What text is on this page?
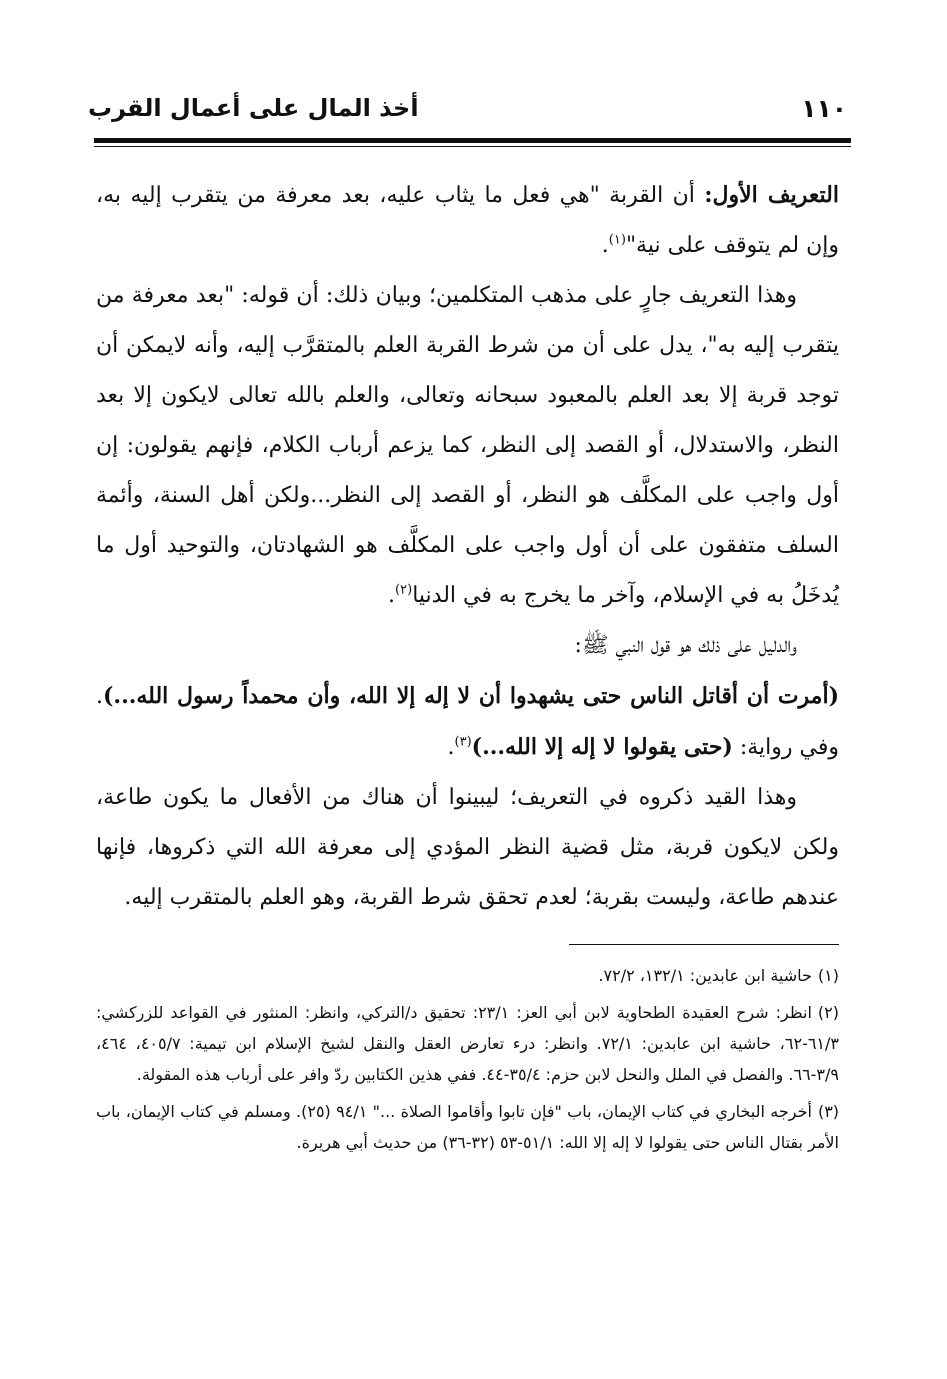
١١٠
أخذ المال على أعمال القرب

التعريف الأول: أن القربة "هي فعل ما يثاب عليه، بعد معرفة من يتقرب إليه به، وإن لم يتوقف على نية"$^{(١)}$.

وهذا التعريف جارٍ على مذهب المتكلمين؛ وبيان ذلك: أن قوله: "بعد معرفة من يتقرب إليه به"، يدل على أن من شرط القربة العلم بالمتقرَّب إليه، وأنه لايمكن أن توجد قربة إلا بعد العلم بالمعبود سبحانه وتعالى، والعلم بالله تعالى لايكون إلا بعد النظر، والاستدلال، أو القصد إلى النظر، كما يزعم أرباب الكلام، فإنهم يقولون: إن أول واجب على المكلَّف هو النظر، أو القصد إلى النظر...ولكن أهل السنة، وأئمة السلف متفقون على أن أول واجب على المكلَّف هو الشهادتان، والتوحيد أول ما يُدخَلُ به في الإسلام، وآخر ما يخرج به في الدنيا$^{(٢)}$.

والدليل على ذلك هو قول النبي ﷺ:

(أمرت أن أقاتل الناس حتى يشهدوا أن لا إله إلا الله، وأن محمداً رسول الله...). وفي رواية: (حتى يقولوا لا إله إلا الله...)$^{(٣)}$.

وهذا القيد ذكروه في التعريف؛ ليبينوا أن هناك من الأفعال ما يكون طاعة، ولكن لايكون قربة، مثل قضية النظر المؤدي إلى معرفة الله التي ذكروها، فإنها عندهم طاعة، وليست بقربة؛ لعدم تحقق شرط القربة، وهو العلم بالمتقرب إليه.

(١)حاشية ابن عابدين: ١٣٢/١، ٧٢/٢.

(٢)انظر: شرح العقيدة الطحاوية لابن أبي العز: ٢٣/١: تحقيق د/التركي، وانظر: المنثور في القواعد للزركشي: ٦١/٣-٦٢، حاشية ابن عابدين: ٧٢/١. وانظر: درء تعارض العقل والنقل لشيخ الإسلام ابن تيمية: ٤٠٥/٧، ٤٦٤، ٣/٩-٦٦. والفصل في الملل والنحل لابن حزم: ٣٥/٤-٤٤. ففي هذين الكتابين ردّ وافر على أرباب هذه المقولة.

(٣)أخرجه البخاري في كتاب الإيمان، باب "فإن تابوا وأقاموا الصلاة ..." ٩٤/١ (٢٥). ومسلم في كتاب الإيمان، باب الأمر بقتال الناس حتى يقولوا لا إله إلا الله: ٥١/١-٥٣ (٣٢-٣٦) من حديث أبي هريرة.
